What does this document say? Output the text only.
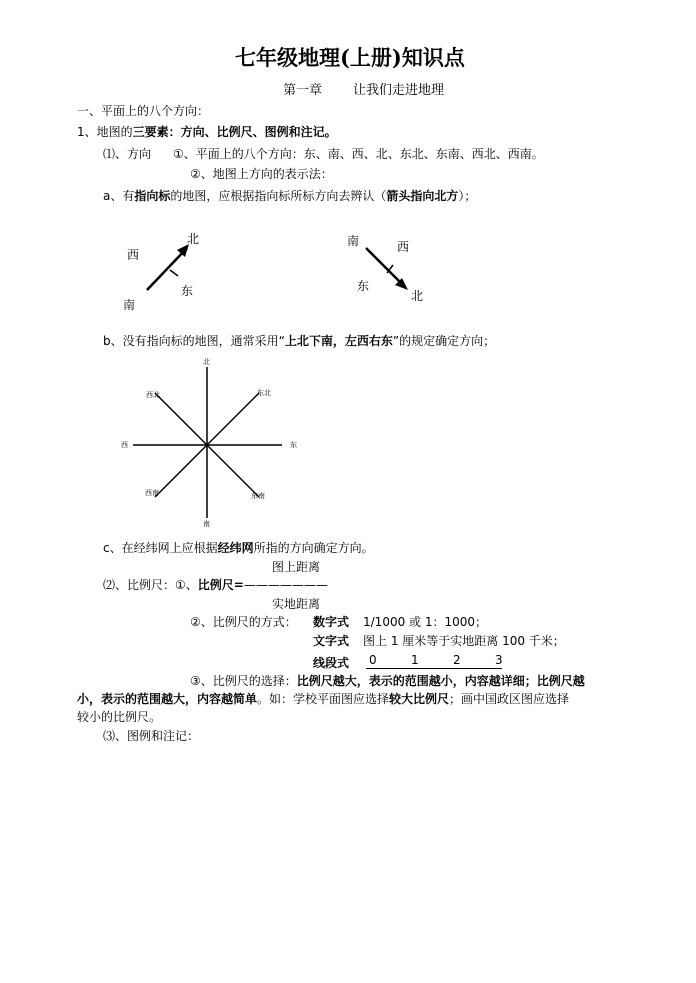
七年级地理(上册)知识点
第一章 让我们走进地理
一、平面上的八个方向：
1、地图的三要素：方向、比例尺、图例和注记。
⑴、方向 ①、平面上的八个方向：东、南、西、北、东北、东南、西北、西南。
②、地图上方向的表示法：
a、有指向标的地图，应根据指向标所标方向去辨认（箭头指向北方）；
北
西
南
东
南	西
东
北
b、没有指向标的地图，通常采用“上北下南，左西右东”的规定确定方向；
北
南
西	东
西北	东北
西南	东南
c、在经纬网上应根据经纬网所指的方向确定方向。
图上距离
⑵、比例尺：①、比例尺=———————
实地距离
②、比例尺的方式： 数字式 1/1000 或 1：1000；
文字式 图上 1 厘米等于实地距离 100 千米；
线段式 0	1	2	3
③、比例尺的选择：比例尺越大，表示的范围越小，内容越详细；比例尺越
小，表示的范围越大，内容越简单。如：学校平面图应选择较大比例尺；画中国政区图应选择
较小的比例尺。
⑶、图例和注记：
